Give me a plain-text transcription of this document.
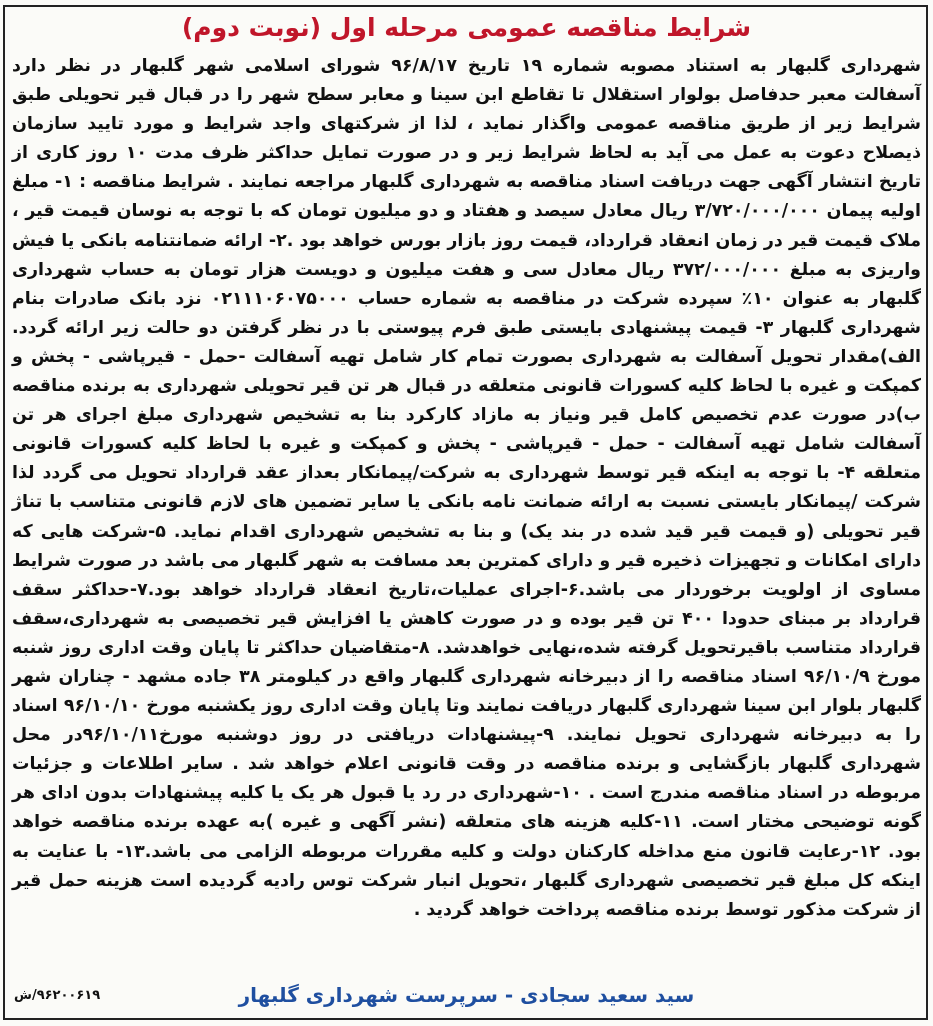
شرایط مناقصه عمومی مرحله اول (نوبت دوم)

شهرداری گلبهار به استناد مصوبه شماره ۱۹ تاریخ ۹۶/۸/۱۷ شورای اسلامی شهر گلبهار در نظر دارد آسفالت معبر حدفاصل بولوار استقلال تا تقاطع ابن سینا و معابر سطح شهر را در قبال قیر تحویلی طبق شرایط زیر از طریق مناقصه عمومی واگذار نماید ، لذا از شرکتهای واجد شرایط و مورد تایید سازمان ذیصلاح دعوت به عمل می آید به لحاظ شرایط زیر و در صورت تمایل حداکثر ظرف مدت ۱۰ روز کاری از تاریخ انتشار آگهی جهت دریافت اسناد مناقصه به شهرداری گلبهار مراجعه نمایند . شرایط مناقصه : ۱- مبلغ اولیه پیمان ۳/۷۲۰/۰۰۰/۰۰۰ ریال معادل سیصد و هفتاد و دو میلیون تومان که با توجه به نوسان قیمت قیر ، ملاک قیمت قیر در زمان انعقاد قرارداد، قیمت روز بازار بورس خواهد بود .۲- ارائه ضمانتنامه بانکی یا فیش واریزی به مبلغ ۳۷۲/۰۰۰/۰۰۰ ریال معادل سی و هفت میلیون و دویست هزار تومان به حساب شهرداری گلبهار به عنوان ۱۰٪ سپرده شرکت در مناقصه به شماره حساب ۰۲۱۱۱۰۶۰۷۵۰۰۰ نزد بانک صادرات بنام شهرداری گلبهار ۳- قیمت پیشنهادی بایستی طبق فرم پیوستی با در نظر گرفتن دو حالت زیر ارائه گردد. الف)مقدار تحویل آسفالت به شهرداری بصورت تمام کار شامل تهیه آسفالت -حمل - قیرپاشی - پخش و کمپکت و غیره با لحاظ کلیه کسورات قانونی متعلقه در قبال هر تن قیر تحویلی شهرداری به برنده مناقصه ب)در صورت عدم تخصیص کامل قیر ونیاز به مازاد کارکرد بنا به تشخیص شهرداری مبلغ اجرای هر تن آسفالت شامل تهیه آسفالت - حمل - قیرپاشی - پخش و کمپکت و غیره با لحاظ کلیه کسورات قانونی متعلقه ۴- با توجه به اینکه قیر توسط شهرداری به شرکت/پیمانکار بعداز عقد قرارداد تحویل می گردد لذا شرکت /پیمانکار بایستی نسبت به ارائه ضمانت نامه بانکی یا سایر تضمین های لازم قانونی متناسب با تناژ قیر تحویلی (و قیمت قیر قید شده در بند یک) و بنا به تشخیص شهرداری اقدام نماید. ۵-شرکت هایی که دارای امکانات و تجهیزات ذخیره قیر و دارای کمترین بعد مسافت به شهر گلبهار می باشد در صورت شرایط مساوی از اولویت برخوردار می باشد.۶-اجرای عملیات،تاریخ انعقاد قرارداد خواهد بود.۷-حداکثر سقف قرارداد بر مبنای حدودا ۴۰۰ تن قیر بوده و در صورت کاهش یا افزایش قیر تخصیصی به شهرداری،سقف قرارداد متناسب باقیرتحویل گرفته شده،نهایی خواهدشد. ۸-متقاضیان حداکثر تا پایان وقت اداری روز شنبه مورخ ۹۶/۱۰/۹ اسناد مناقصه را از دبیرخانه شهرداری گلبهار واقع در کیلومتر ۳۸ جاده مشهد - چناران شهر گلبهار بلوار ابن سینا شهرداری گلبهار دریافت نمایند وتا پایان وقت اداری روز یکشنبه مورخ ۹۶/۱۰/۱۰ اسناد را به دبیرخانه شهرداری تحویل نمایند. ۹-پیشنهادات دریافتی در روز دوشنبه مورخ۹۶/۱۰/۱۱در محل شهرداری گلبهار بازگشایی و برنده مناقصه در وقت قانونی اعلام خواهد شد . سایر اطلاعات و جزئیات مربوطه در اسناد مناقصه مندرج است . ۱۰-شهرداری در رد یا قبول هر یک یا کلیه پیشنهادات بدون ادای هر گونه توضیحی مختار است. ۱۱-کلیه هزینه های متعلقه (نشر آگهی و غیره )به عهده برنده مناقصه خواهد بود. ۱۲-رعایت قانون منع مداخله کارکنان دولت و کلیه مقررات مربوطه الزامی می باشد.۱۳- با عنایت به اینکه کل مبلغ قیر تخصیصی شهرداری گلبهار ،تحویل انبار شرکت توس رادیه گردیده است هزینه حمل قیر از شرکت مذکور توسط برنده مناقصه پرداخت خواهد گردید .

سید سعید سجادی - سرپرست شهرداری گلبهار
۹۶۲۰۰۶۱۹/ش
